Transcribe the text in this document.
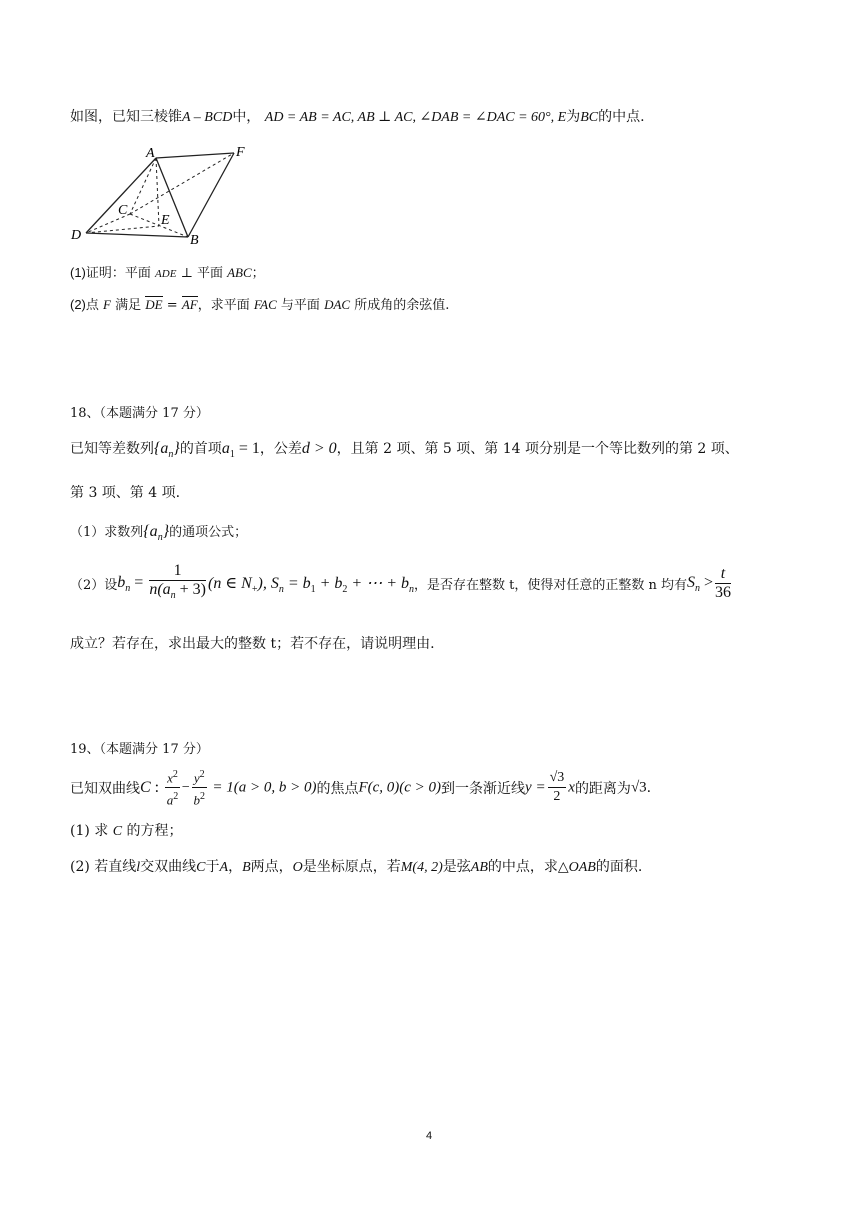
如图，已知三棱锥A – BCD中， AD = AB = AC, AB ⊥ AC, ∠DAB = ∠DAC = 60°, E为BC的中点.
A	F
C
E
D	B
(1)证明：平面 ADE ⊥ 平面 ABC；
(2)点 F 满足 DE = AF，求平面 FAC 与平面 DAC 所成角的余弦值.
18、（本题满分 17 分）
已知等差数列$\{a_n\}$的首项$a_1 = 1$，公差d > 0，且第 2 项、第 5 项、第 14 项分别是一个等比数列的第 2 项、
第 3 项、第 4 项.
（1）求数列$\{a_n\}$的通项公式；
（2）设$b_n = \frac{1}{n(a_n + 3)} (n$ ∈ $N_+$), $S_n = b_1 + b_2$ + ⋯ + $b_n$，是否存在整数 t，使得对任意的正整数 n 均有$S_n > \frac{t}{36}$
成立？若存在，求出最大的整数 t；若不存在，请说明理由.
19、（本题满分 17 分）
已知双曲线C : $\frac{x^2}{a^2} - \frac{y^2}{b^2} = 1(a > 0$, b > 0)的焦点F(c, 0)(c > 0)到一条渐近线$y = \frac{√3}{2}$ x的距离为√3.
(1) 求 C 的方程；
(2) 若直线l交双曲线C于A，B两点，O是坐标原点，若M(4, 2)是弦AB的中点，求△OAB的面积.
4
